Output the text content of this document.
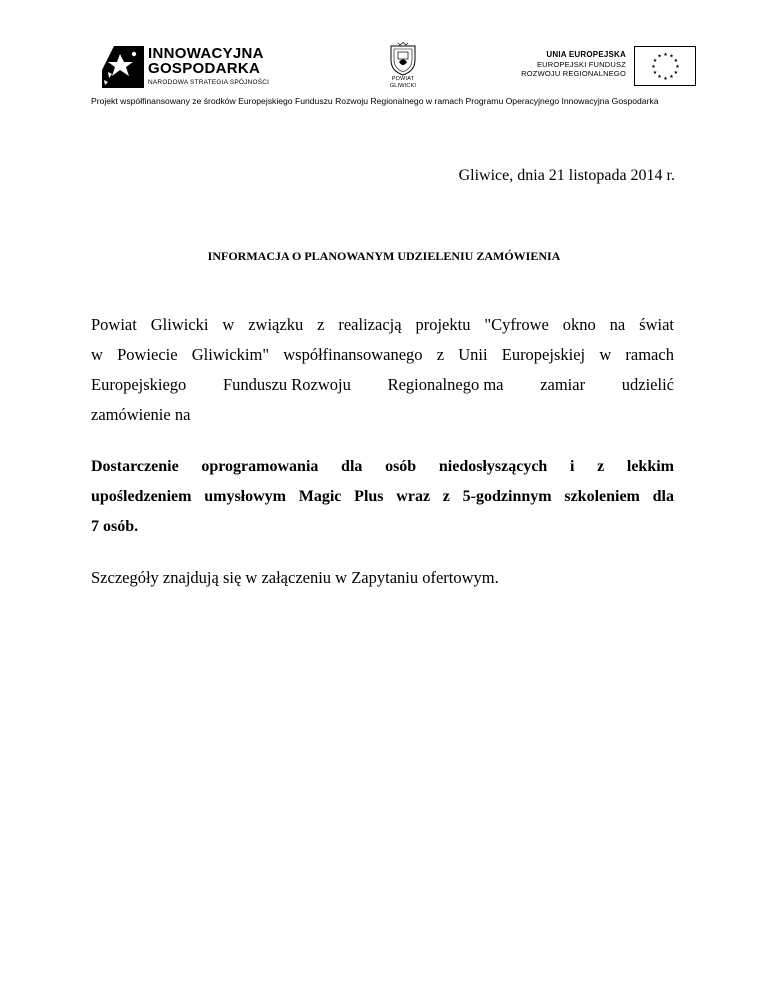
INNOWACYJNA
GOSPODARKA
NARODOWA STRATEGIA SPÓJNOŚCI	POWIAT GLIWICKI
UNIA EUROPEJSKA
EUROPEJSKI FUNDUSZ
ROZWOJU REGIONALNEGO
★ ★
★
★
★
★
★
★
★
★
★
★
Projekt współfinansowany ze środków Europejskiego Funduszu Rozwoju Regionalnego w ramach Programu Operacyjnego Innowacyjna Gospodarka
Gliwice, dnia 21 listopada 2014 r.
INFORMACJA O PLANOWANYM UDZIELENIU ZAMÓWIENIA
Powiat Gliwicki w związku z realizacją projektu "Cyfrowe okno na świat
w Powiecie Gliwickim" współfinansowanego z Unii Europejskiej w ramach
Europejskiego Funduszu Rozwoju Regionalnego ma zamiar udzielić
zamówienie na
Dostarczenie oprogramowania dla osób niedosłyszących i z lekkim
upośledzeniem umysłowym Magic Plus wraz z 5-godzinnym szkoleniem dla
7 osób.
Szczegóły znajdują się w załączeniu w Zapytaniu ofertowym.
